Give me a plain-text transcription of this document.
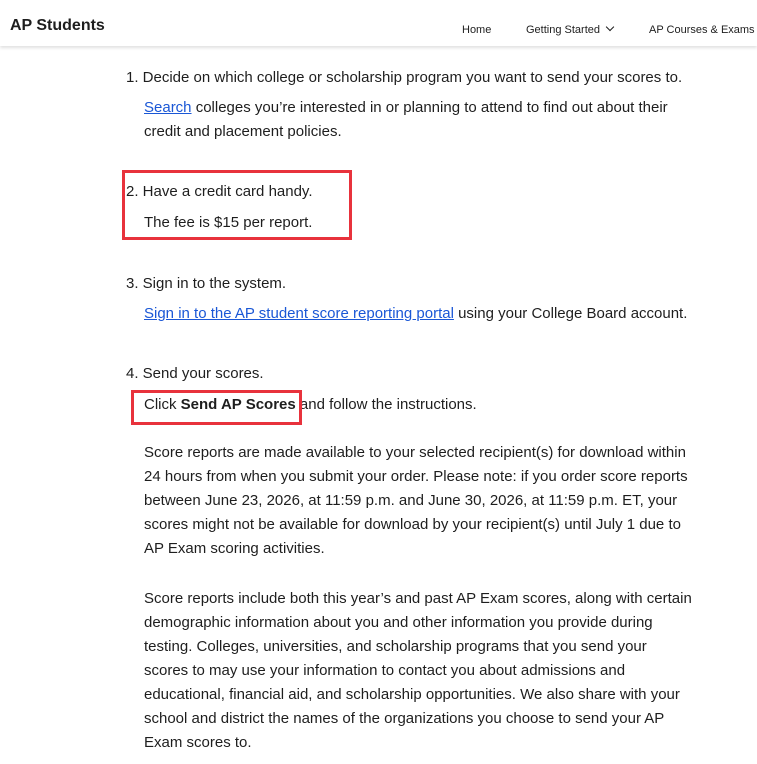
AP Students	Home	Getting Started	AP Courses & Exams
1. Decide on which college or scholarship program you want to send your scores to.
Search colleges you’re interested in or planning to attend to find out about their
credit and placement policies.
2. Have a credit card handy.
The fee is $15 per report.
3. Sign in to the system.
Sign in to the AP student score reporting portal using your College Board account.
4. Send your scores.
Click Send AP Scores and follow the instructions.
Score reports are made available to your selected recipient(s) for download within
24 hours from when you submit your order. Please note: if you order score reports
between June 23, 2026, at 11:59 p.m. and June 30, 2026, at 11:59 p.m. ET, your
scores might not be available for download by your recipient(s) until July 1 due to
AP Exam scoring activities.
Score reports include both this year’s and past AP Exam scores, along with certain
demographic information about you and other information you provide during
testing. Colleges, universities, and scholarship programs that you send your
scores to may use your information to contact you about admissions and
educational, financial aid, and scholarship opportunities. We also share with your
school and district the names of the organizations you choose to send your AP
Exam scores to.
